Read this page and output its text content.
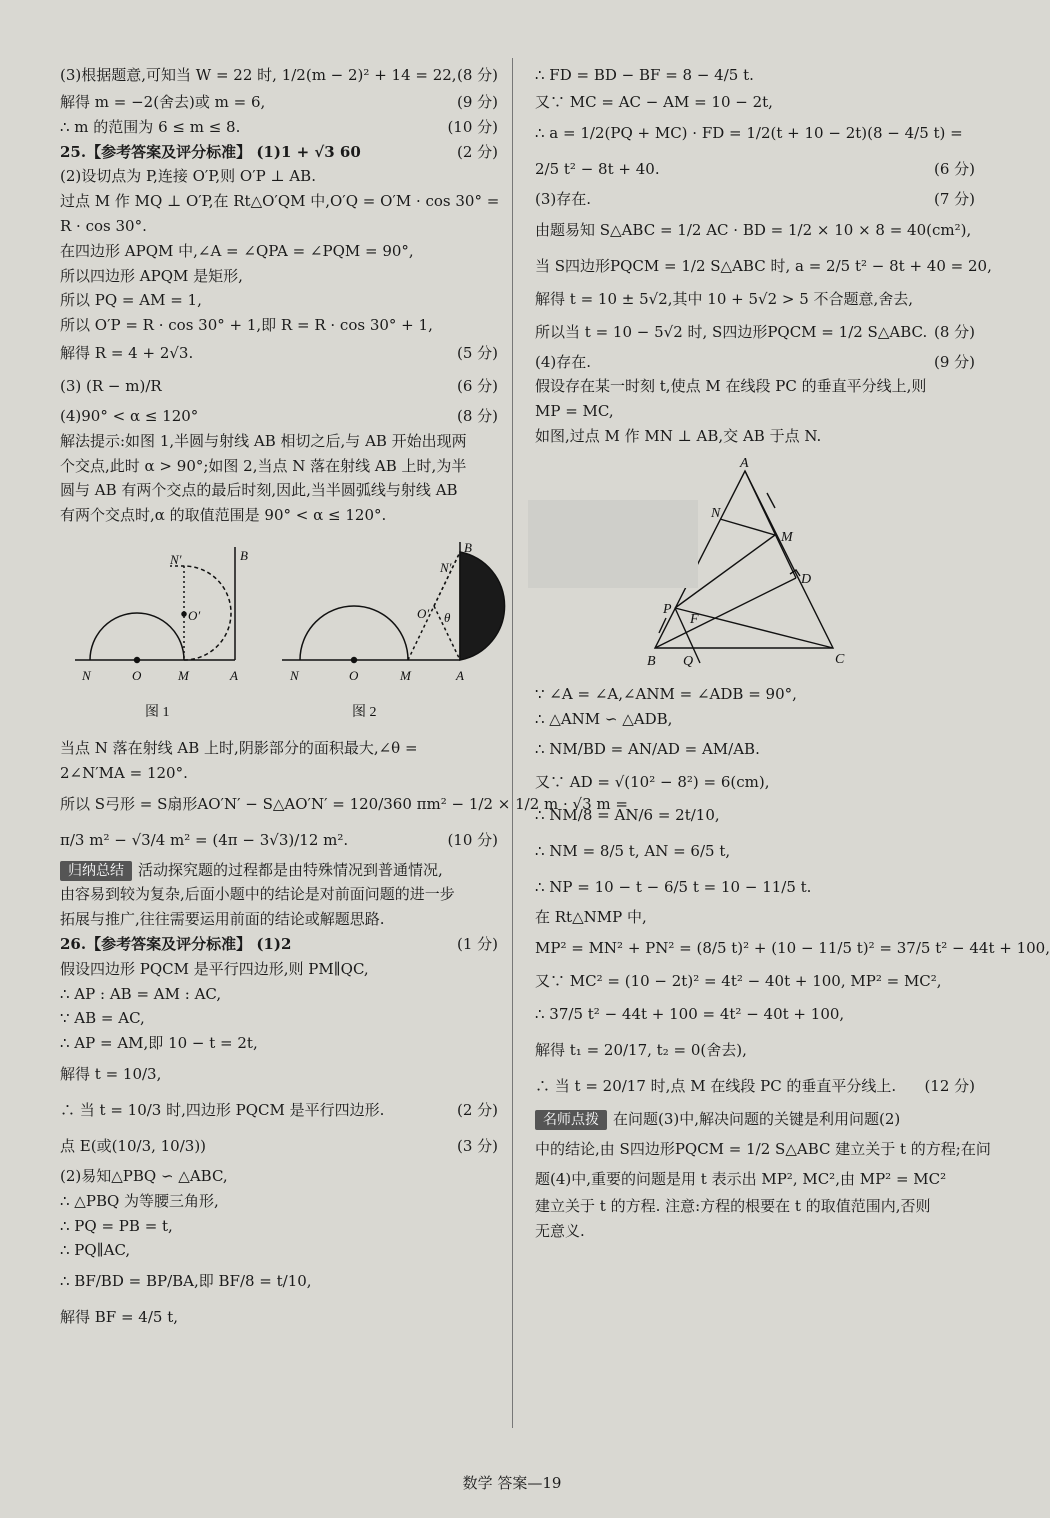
(3)根据题意,可知当 W = 22 时, 1/2(m − 2)² + 14 = 22, (8 分)
解得 m = −2(舍去)或 m = 6,	(9 分)
∴ m 的范围为 6 ≤ m ≤ 8.	(10 分)
25.【参考答案及评分标准】 (1)1 + √3 60	(2 分)
(2)设切点为 P,连接 O′P,则 O′P ⊥ AB.
过点 M 作 MQ ⊥ O′P,在 Rt△O′QM 中,O′Q = O′M · cos 30° =
R · cos 30°.
在四边形 APQM 中,∠A = ∠QPA = ∠PQM = 90°,
所以四边形 APQM 是矩形,
所以 PQ = AM = 1,
所以 O′P = R · cos 30° + 1,即 R = R · cos 30° + 1,
解得 R = 4 + 2√3.	(5 分)
(3) (R − m)/R	(6 分)
(4)90° < α ≤ 120°	(8 分)
解法提示:如图 1,半圆与射线 AB 相切之后,与 AB 开始出现两
个交点,此时 α > 90°;如图 2,当点 N 落在射线 AB 上时,为半
圆与 AB 有两个交点的最后时刻,因此,当半圆弧线与射线 AB
有两个交点时,α 的取值范围是 90° < α ≤ 120°.
N	O	M	A
B
N′
O′
N	O	M	A
B
N′
O′ θ
图 1	图 2
当点 N 落在射线 AB 上时,阴影部分的面积最大,∠θ =
2∠N′MA = 120°.
所以 S弓形 = S扇形AO′N′ − S△AO′N′ = 120/360 πm² − 1/2 × 1/2 m · √3 m =
π/3 m² − √3/4 m² = (4π − 3√3)/12 m².	(10 分)
归纳总结 活动探究题的过程都是由特殊情况到普通情况,
由容易到较为复杂,后面小题中的结论是对前面问题的进一步
拓展与推广,往往需要运用前面的结论或解题思路.
26.【参考答案及评分标准】 (1)2	(1 分)
假设四边形 PQCM 是平行四边形,则 PM∥QC,
∴ AP : AB = AM : AC,
∵ AB = AC,
∴ AP = AM,即 10 − t = 2t,
解得 t = 10/3,
∴ 当 t = 10/3 时,四边形 PQCM 是平行四边形.	(2 分)
点 E(或(10/3, 10/3))	(3 分)
(2)易知△PBQ ∽ △ABC,
∴ △PBQ 为等腰三角形,
∴ PQ = PB = t,
∴ PQ∥AC,
∴ BF/BD = BP/BA,即 BF/8 = t/10,
解得 BF = 4/5 t,
∴ FD = BD − BF = 8 − 4/5 t.
又∵ MC = AC − AM = 10 − 2t,
∴ a = 1/2(PQ + MC) · FD = 1/2(t + 10 − 2t)(8 − 4/5 t) =
2/5 t² − 8t + 40.	(6 分)
(3)存在.	(7 分)
由题易知 S△ABC = 1/2 AC · BD = 1/2 × 10 × 8 = 40(cm²),
当 S四边形PQCM = 1/2 S△ABC 时, a = 2/5 t² − 8t + 40 = 20,
解得 t = 10 ± 5√2,其中 10 + 5√2 > 5 不合题意,舍去,
所以当 t = 10 − 5√2 时, S四边形PQCM = 1/2 S△ABC. (8 分)
(4)存在.	(9 分)
假设存在某一时刻 t,使点 M 在线段 PC 的垂直平分线上,则
MP = MC,
如图,过点 M 作 MN ⊥ AB,交 AB 于点 N.
A
N
M
D
P
F
B Q	C
∵ ∠A = ∠A,∠ANM = ∠ADB = 90°,
∴ △ANM ∽ △ADB,
∴ NM/BD = AN/AD = AM/AB.
又∵ AD = √(10² − 8²) = 6(cm),
∴ NM/8 = AN/6 = 2t/10,
∴ NM = 8/5 t, AN = 6/5 t,
∴ NP = 10 − t − 6/5 t = 10 − 11/5 t.
在 Rt△NMP 中,
MP² = MN² + PN² = (8/5 t)² + (10 − 11/5 t)² = 37/5 t² − 44t + 100,
又∵ MC² = (10 − 2t)² = 4t² − 40t + 100, MP² = MC²,
∴ 37/5 t² − 44t + 100 = 4t² − 40t + 100,
解得 t₁ = 20/17, t₂ = 0(舍去),
∴ 当 t = 20/17 时,点 M 在线段 PC 的垂直平分线上. (12 分)
名师点拨 在问题(3)中,解决问题的关键是利用问题(2)
中的结论,由 S四边形PQCM = 1/2 S△ABC 建立关于 t 的方程;在问
题(4)中,重要的问题是用 t 表示出 MP², MC²,由 MP² = MC²
建立关于 t 的方程. 注意:方程的根要在 t 的取值范围内,否则
无意义.
数学 答案—19
